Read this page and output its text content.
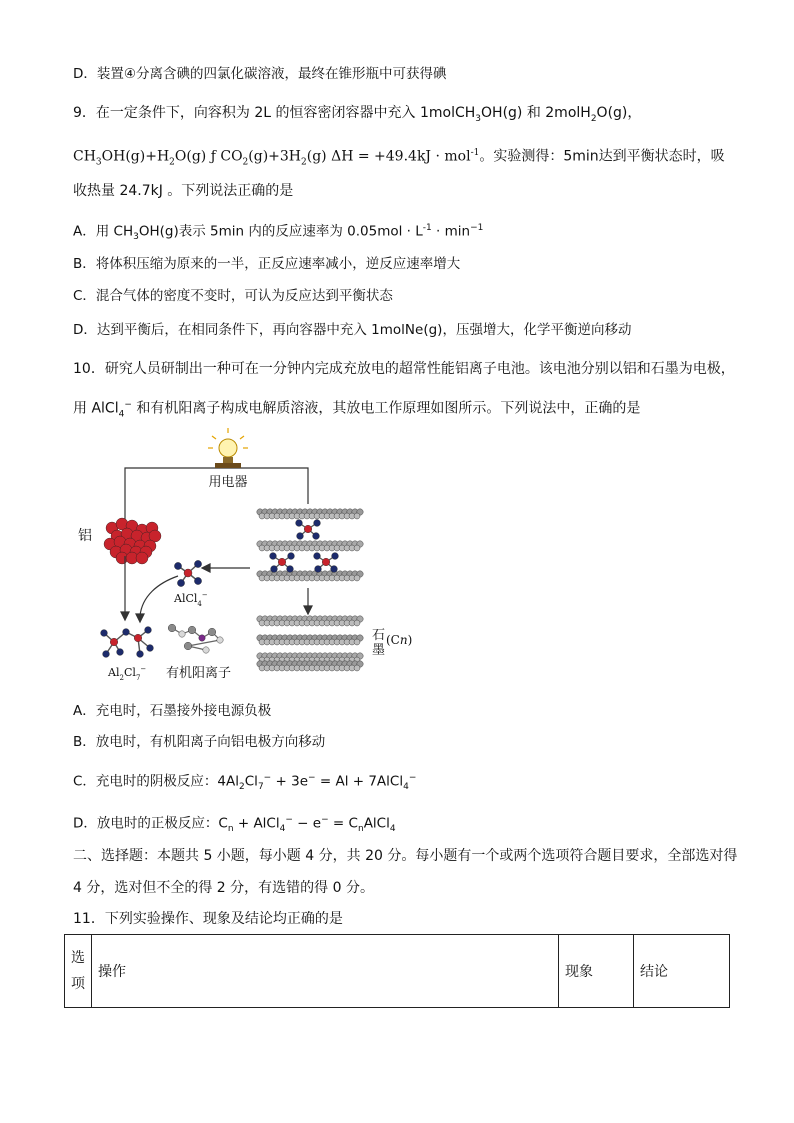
D．装置④分离含碘的四氯化碳溶液，最终在锥形瓶中可获得碘
9．在一定条件下，向容积为 2L 的恒容密闭容器中充入 1molCH$_3$OH(g) 和 2molH$_2$O(g)，
$CH_3OH(g)+H_2O(g)$ ƒ $CO_2(g)+3H_2(g) \Delta H = +49.4kJ \cdot mol^{-1}$。实验测得：5min达到平衡状态时，吸
收热量 24.7kJ 。下列说法正确的是
A．用 $CH_3OH(g)$表示 5min 内的反应速率为 $0.05mol \cdot L^{-1} \cdot \min^{-1}$
B．将体积压缩为原来的一半，正反应速率减小，逆反应速率增大
C．混合气体的密度不变时，可认为反应达到平衡状态
D．达到平衡后，在相同条件下，再向容器中充入 1molNe(g)，压强增大，化学平衡逆向移动
10．研究人员研制出一种可在一分钟内完成充放电的超常性能铝离子电池。该电池分别以铝和石墨为电极，
用 AlCl$_4$− 和有机阳离子构成电解质溶液，其放电工作原理如图所示。下列说法中，正确的是
用电器
铝
AlCl$_4$−
$Al_2$ $Cl_7^-$ 有机阳离子
石
墨
(Cn)
A．充电时，石墨接外接电源负极
B．放电时，有机阳离子向铝电极方向移动
C．充电时的阴极反应：$4Al_2Cl_7^- + 3e^- = Al$ + 7AlCl$_4$−
D．放电时的正极反应：$C_n$ + AlCl$_4$− − $e^- = C_nAlCl_4$
二、选择题：本题共 5 小题，每小题 4 分，共 20 分。每小题有一个或两个选项符合题目要求，全部选对得
4 分，选对但不全的得 2 分，有选错的得 0 分。
11．下列实验操作、现象及结论均正确的是
选
项
	操作	现象	结论
